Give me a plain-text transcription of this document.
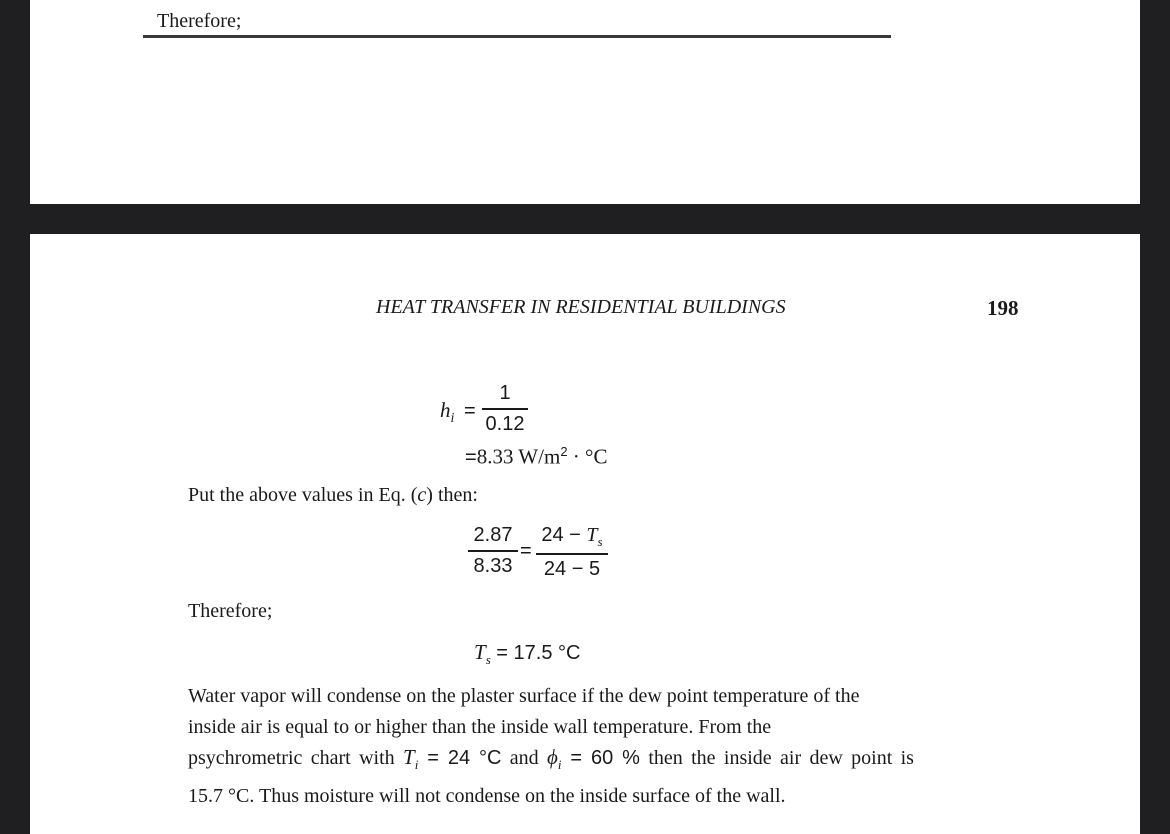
Therefore;
HEAT TRANSFER IN RESIDENTIAL BUILDINGS	198
$h_i$ =
1
0.12
=8.33 $W/m^2 \cdot ^\circ C$
Put the above values in Eq. (c) then:
2.87
8.33
=
$24 - T_s$
24 − 5
Therefore;
$T_s = 17.5$ °C
Water vapor will condense on the plaster surface if the dew point temperature of the
inside air is equal to or higher than the inside wall temperature. From the
psychrometric chart with $T_i = 24$ °C and $\phi_i = 60$ % then the inside air dew point is
15.7 °C. Thus moisture will not condense on the inside surface of the wall.
